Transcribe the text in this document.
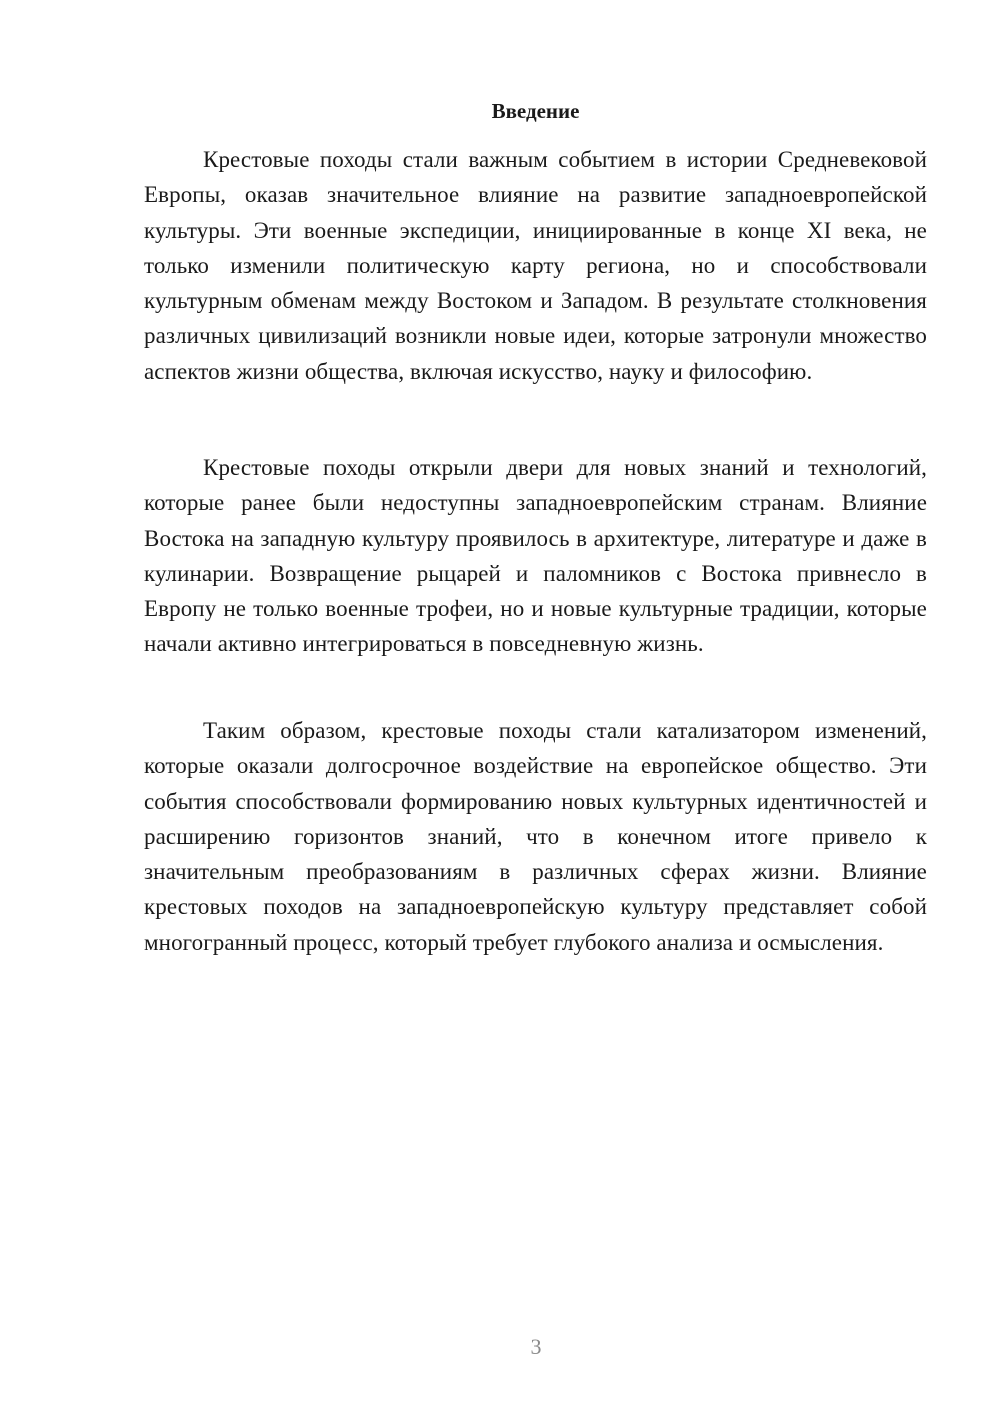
Введение

Крестовые походы стали важным событием в истории Средневековой Европы, оказав значительное влияние на развитие западноевропейской культуры. Эти военные экспедиции, инициированные в конце XI века, не только изменили политическую карту региона, но и способствовали культурным обменам между Востоком и Западом. В результате столкновения различных цивилизаций возникли новые идеи, которые затронули множество аспектов жизни общества, включая искусство, науку и философию.

Крестовые походы открыли двери для новых знаний и технологий, которые ранее были недоступны западноевропейским странам. Влияние Востока на западную культуру проявилось в архитектуре, литературе и даже в кулинарии. Возвращение рыцарей и паломников с Востока привнесло в Европу не только военные трофеи, но и новые культурные традиции, которые начали активно интегрироваться в повседневную жизнь.

Таким образом, крестовые походы стали катализатором изменений, которые оказали долгосрочное воздействие на европейское общество. Эти события способствовали формированию новых культурных идентичностей и расширению горизонтов знаний, что в конечном итоге привело к значительным преобразованиям в различных сферах жизни. Влияние крестовых походов на западноевропейскую культуру представляет собой многогранный процесс, который требует глубокого анализа и осмысления.

3
